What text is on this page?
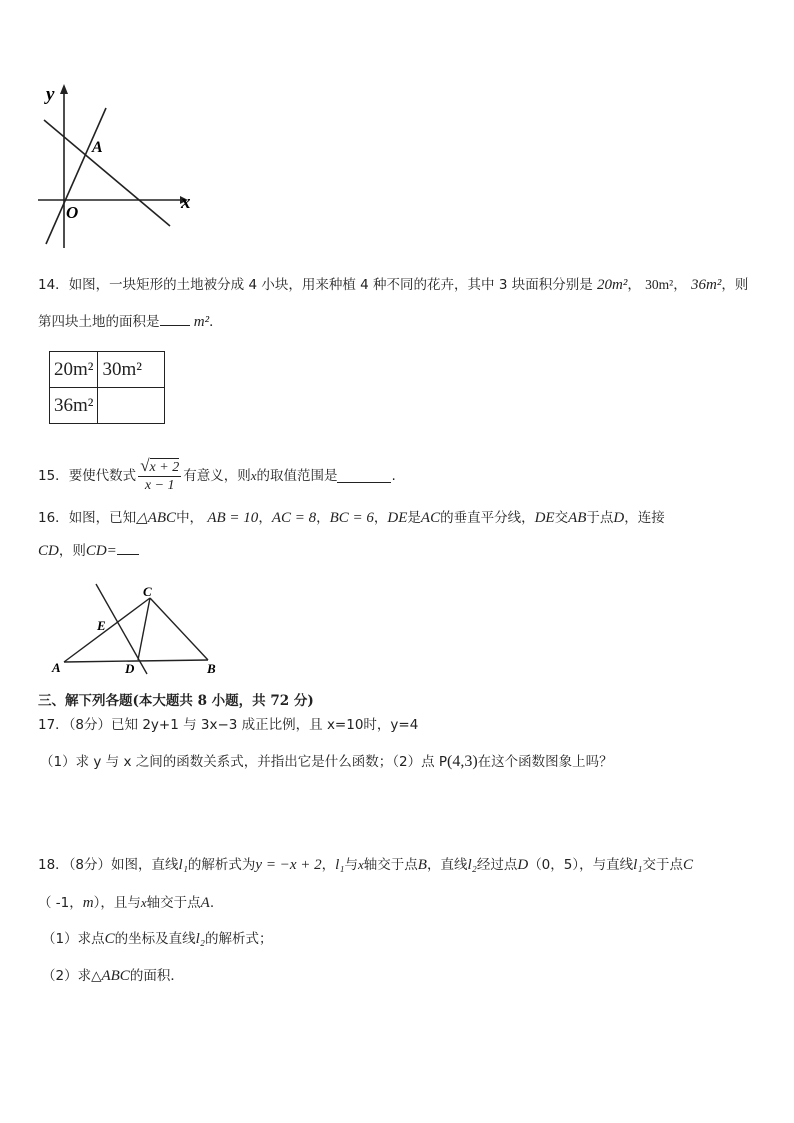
y
x
O
A
14．如图，一块矩形的土地被分成 4 小块，用来种植 4 种不同的花卉，其中 3 块面积分别是 20m²， 30m²， 36m²，则
第四块土地的面积是 m²．
20m²	30m²
36m²	
15． 要使代数式 $\frac{√ x + 2}{x - 1}$ 有意义，则 x 的取值范围是	.
16．如图，已知△ABC中， AB = 10，AC = 8，BC = 6，DE是AC的垂直平分线，DE交AB于点D，连接
CD，则CD=
C
E
A	D	B
三、解下列各题(本大题共 8 小题，共 72 分)
17．（8分）已知 2y+1 与 3x−3 成正比例，且 x=10时，y=4
（1）求 y 与 x 之间的函数关系式，并指出它是什么函数；（2）点 P(4,3)在这个函数图象上吗？
18．（8分）如图，直线l₁的解析式为y = −x + 2，l₁与x轴交于点B，直线l₂经过点D（0，5），与直线l₁交于点C
（ -1，m），且与x轴交于点A.
（1）求点C的坐标及直线l₂的解析式；
（2）求△ABC的面积．
